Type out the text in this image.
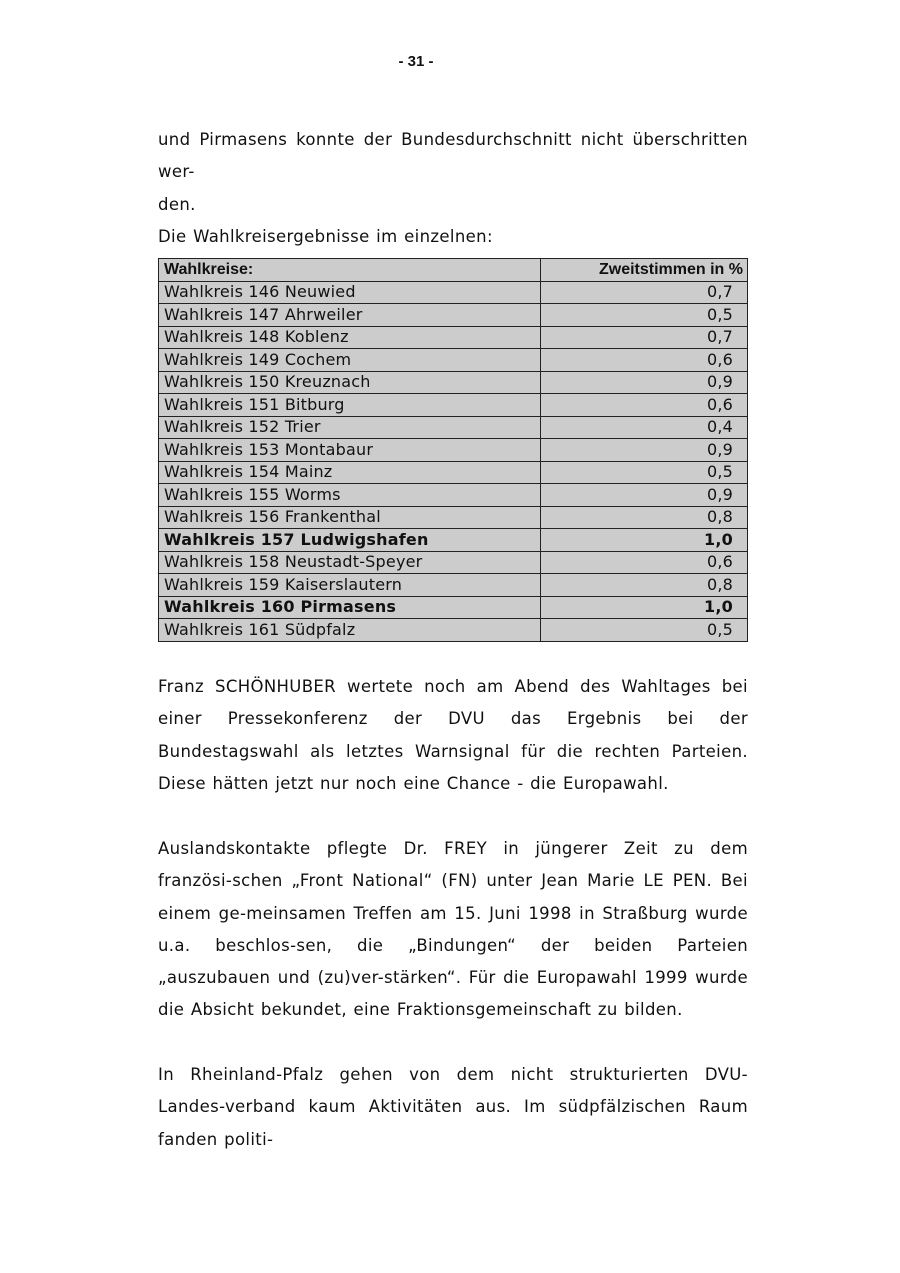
- 31 -

und Pirmasens konnte der Bundesdurchschnitt nicht überschritten wer-

den.

Die Wahlkreisergebnisse im einzelnen:

Wahlkreise:	Zweitstimmen in %
Wahlkreis 146 Neuwied	0,7
Wahlkreis 147 Ahrweiler	0,5
Wahlkreis 148 Koblenz	0,7
Wahlkreis 149 Cochem	0,6
Wahlkreis 150 Kreuznach	0,9
Wahlkreis 151 Bitburg	0,6
Wahlkreis 152 Trier	0,4
Wahlkreis 153 Montabaur	0,9
Wahlkreis 154 Mainz	0,5
Wahlkreis 155 Worms	0,9
Wahlkreis 156 Frankenthal	0,8
Wahlkreis 157 Ludwigshafen	1,0
Wahlkreis 158 Neustadt-Speyer	0,6
Wahlkreis 159 Kaiserslautern	0,8
Wahlkreis 160 Pirmasens	1,0
Wahlkreis 161 Südpfalz	0,5

Franz SCHÖNHUBER wertete noch am Abend des Wahltages bei einer Pressekonferenz der DVU das Ergebnis bei der Bundestagswahl als letztes Warnsignal für die rechten Parteien. Diese hätten jetzt nur noch eine Chance - die Europawahl.

Auslandskontakte pflegte Dr. FREY in jüngerer Zeit zu dem französi-schen „Front National“ (FN) unter Jean Marie LE PEN. Bei einem ge-meinsamen Treffen am 15. Juni 1998 in Straßburg wurde u.a. beschlos-sen, die „Bindungen“ der beiden Parteien „auszubauen und (zu)ver-stärken“. Für die Europawahl 1999 wurde die Absicht bekundet, eine Fraktionsgemeinschaft zu bilden.

In Rheinland-Pfalz gehen von dem nicht strukturierten DVU-Landes-verband kaum Aktivitäten aus. Im südpfälzischen Raum fanden politi-
